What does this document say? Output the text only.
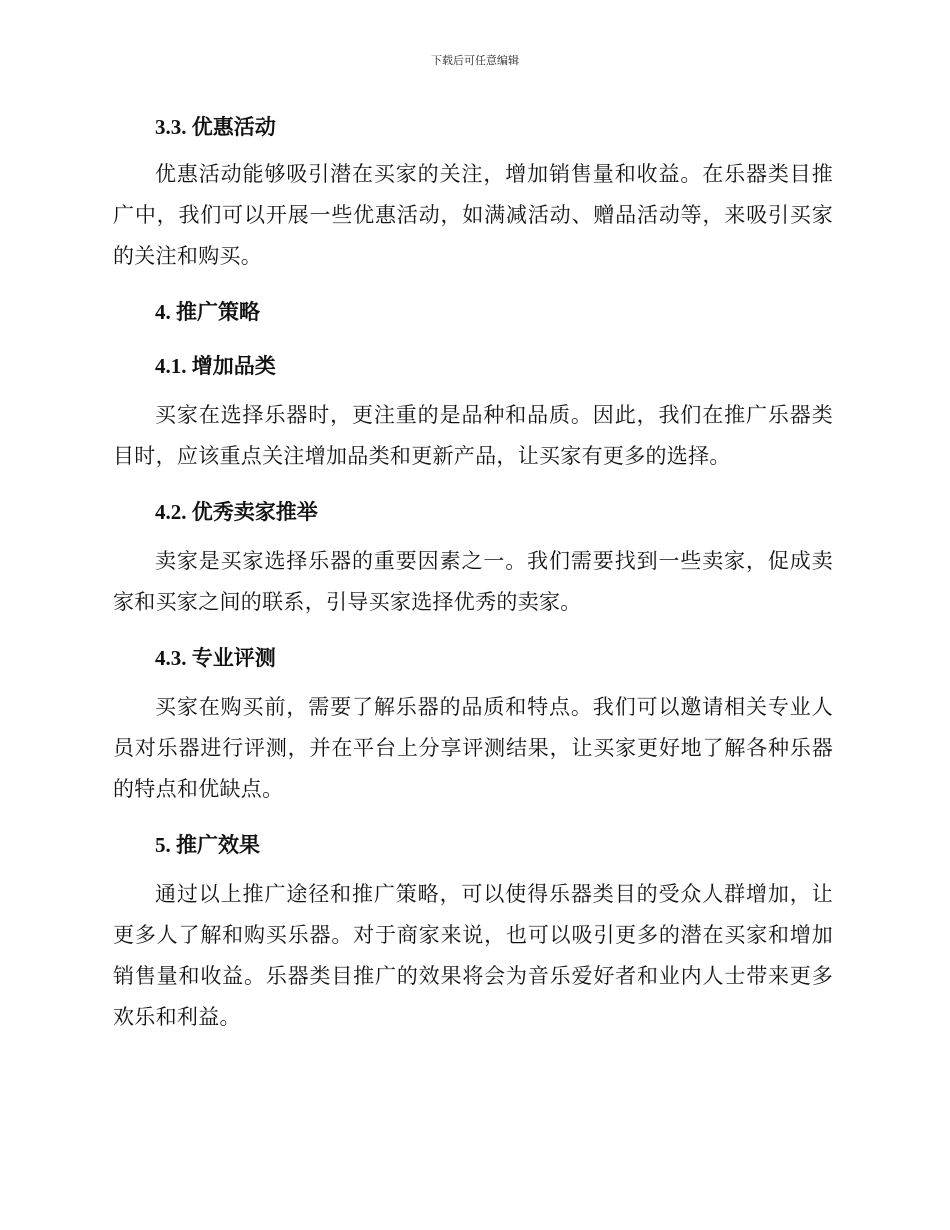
下载后可任意编辑
3.3. 优惠活动

优惠活动能够吸引潜在买家的关注，增加销售量和收益。在乐器类目推广中，我们可以开展一些优惠活动，如满减活动、赠品活动等，来吸引买家的关注和购买。

4. 推广策略
4.1. 增加品类

买家在选择乐器时，更注重的是品种和品质。因此，我们在推广乐器类目时，应该重点关注增加品类和更新产品，让买家有更多的选择。

4.2. 优秀卖家推举

卖家是买家选择乐器的重要因素之一。我们需要找到一些卖家，促成卖家和买家之间的联系，引导买家选择优秀的卖家。

4.3. 专业评测

买家在购买前，需要了解乐器的品质和特点。我们可以邀请相关专业人员对乐器进行评测，并在平台上分享评测结果，让买家更好地了解各种乐器的特点和优缺点。

5. 推广效果

通过以上推广途径和推广策略，可以使得乐器类目的受众人群增加，让更多人了解和购买乐器。对于商家来说，也可以吸引更多的潜在买家和增加销售量和收益。乐器类目推广的效果将会为音乐爱好者和业内人士带来更多欢乐和利益。
